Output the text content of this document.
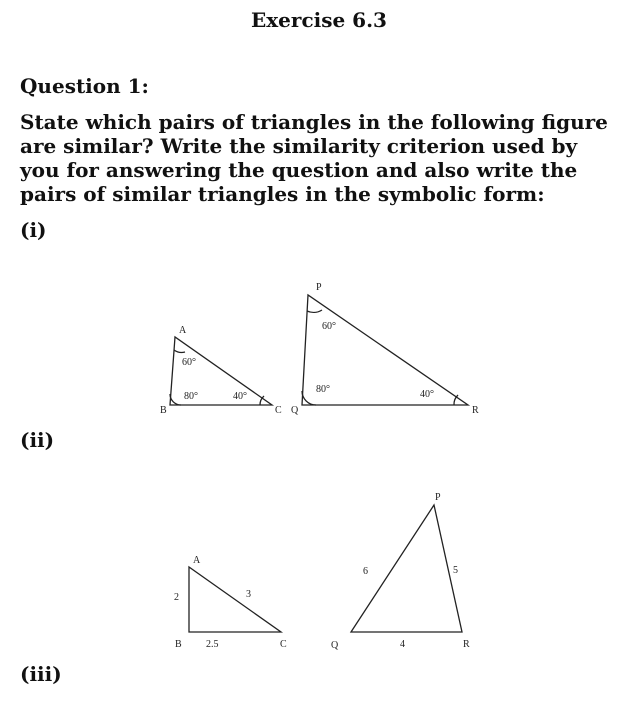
Exercise 6.3
Question 1:
State which pairs of triangles in the following figure are similar? Write the similarity criterion used by you for answering the question and also write the pairs of similar triangles in the symbolic form:
(i)
(ii)
(iii)
A
B	C
60°
80°	40°
P
Q	R
60°
80°	40°
A
B	C
2
2.5
3
P
Q	R
6
4
5
